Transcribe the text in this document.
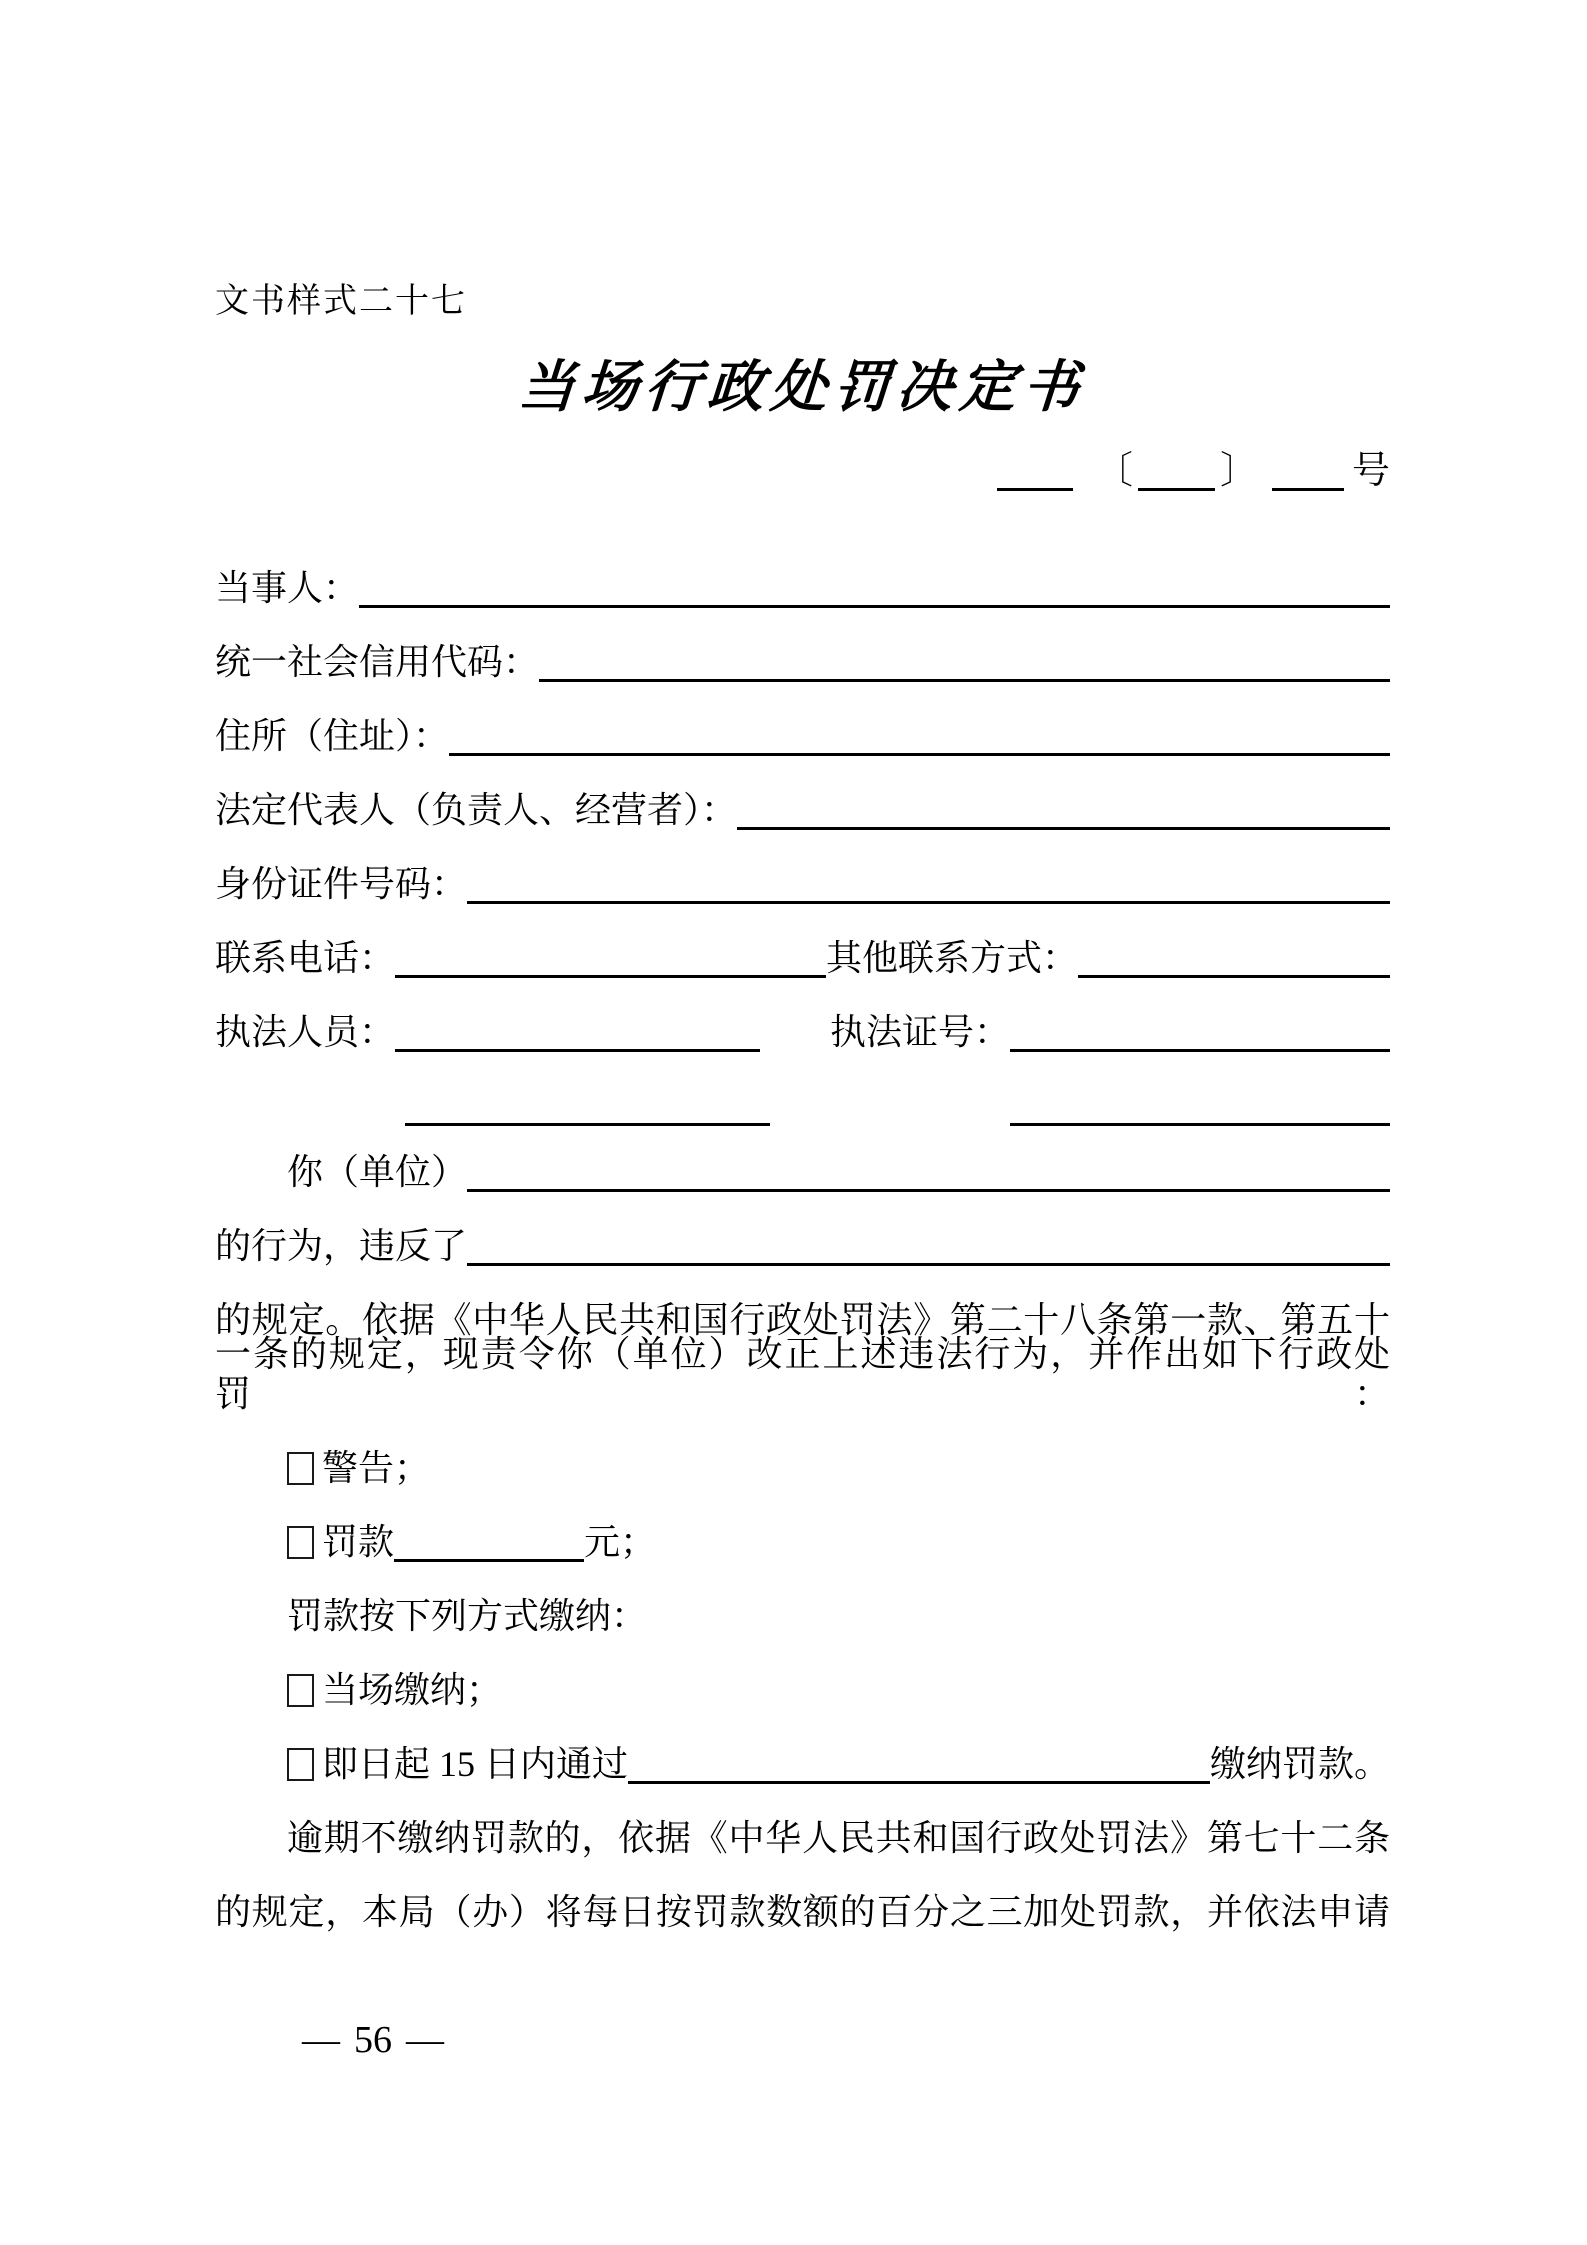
文书样式二十七
当场行政处罚决定书
〔 〕 号
当事人：
统一社会信用代码：
住所（住址）：
法定代表人（负责人、经营者）：
身份证件号码：
联系电话：	其他联系方式：
执法人员：	执法证号：
你（单位）
的行为，违反了
的规定。依据《中华人民共和国行政处罚法》第二十八条第一款、第五十
一条的规定，现责令你（单位）改正上述违法行为，并作出如下行政处罚：
警告；
罚款	元；
罚款按下列方式缴纳：
当场缴纳；
即日起 15 日内通过	缴纳罚款。
逾期不缴纳罚款的，依据《中华人民共和国行政处罚法》第七十二条
的规定，本局（办）将每日按罚款数额的百分之三加处罚款，并依法申请
— 56 —
